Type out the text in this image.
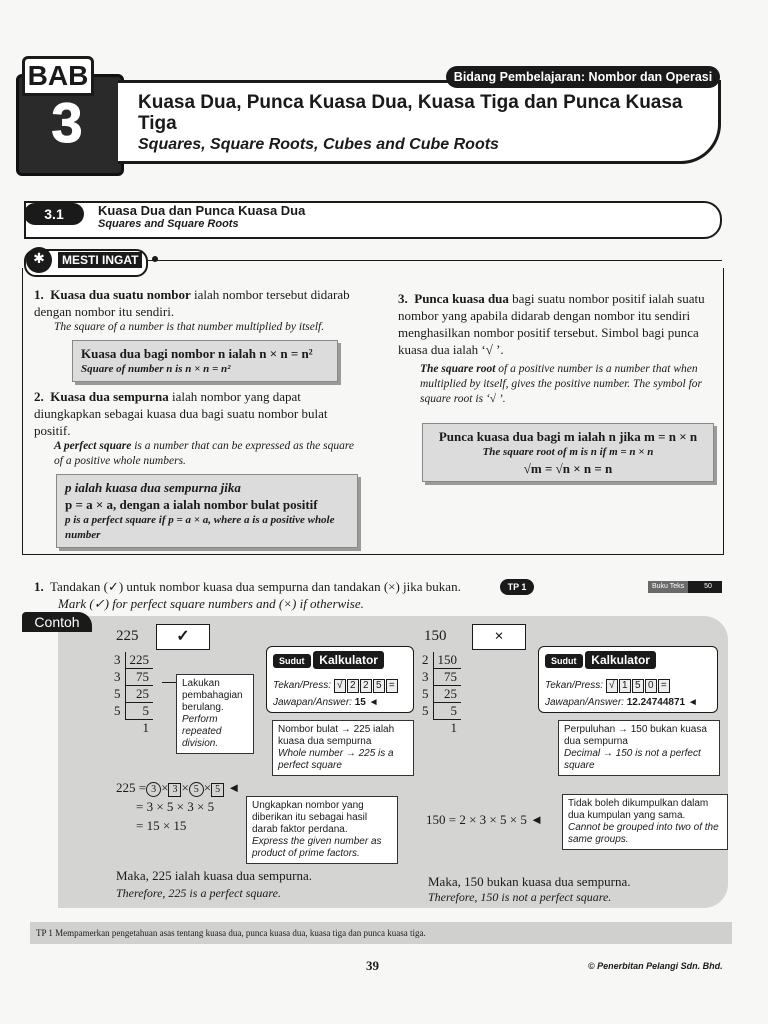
BAB
3
Bidang Pembelajaran: Nombor dan Operasi
Kuasa Dua, Punca Kuasa Dua, Kuasa Tiga dan Punca Kuasa Tiga
Squares, Square Roots, Cubes and Cube Roots
3.1	Kuasa Dua dan Punca Kuasa Dua
Squares and Square Roots
✱	MESTI INGAT
1. Kuasa dua suatu nombor ialah nombor tersebut didarab dengan nombor itu sendiri.
The square of a number is that number multiplied by itself.
Kuasa dua bagi nombor n ialah n × n = n²
Square of number n is n × n = n²
2. Kuasa dua sempurna ialah nombor yang dapat diungkapkan sebagai kuasa dua bagi suatu nombor bulat positif.
A perfect square is a number that can be expressed as the square of a positive whole numbers.
p ialah kuasa dua sempurna jika
p = a × a, dengan a ialah nombor bulat positif
p is a perfect square if p = a × a, where a is a positive whole number
3. Punca kuasa dua bagi suatu nombor positif ialah suatu nombor yang apabila didarab dengan nombor itu sendiri menghasilkan nombor positif tersebut. Simbol bagi punca kuasa dua ialah ‘√ ’.
The square root of a positive number is a number that when multiplied by itself, gives the positive number. The symbol for square root is ‘√ ’.
Punca kuasa dua bagi m ialah n jika m = n × n
The square root of m is n if m = n × n
√m = √n × n = n
1. Tandakan (✓) untuk nombor kuasa dua sempurna dan tandakan (×) jika bukan.
Mark (✓) for perfect square numbers and (×) if otherwise.
TP 1	Buku Teks	50
Contoh
225	✓
3	225
3	75
5	25
5	5
	1
Lakukan pembahagian berulang.
Perform repeated division.
Sudut Kalkulator
Tekan/Press: √ 2 2 5 =
Jawapan/Answer: 15 ◄
Nombor bulat → 225 ialah kuasa dua sempurna
Whole number → 225 is a perfect square
225 = 3 × 3 × 5 × 5 ◄
= 3 × 5 × 3 × 5
= 15 × 15
Ungkapkan nombor yang diberikan itu sebagai hasil darab faktor perdana.
Express the given number as product of prime factors.
Maka, 225 ialah kuasa dua sempurna.
Therefore, 225 is a perfect square.
150	×
2	150
3	75
5	25
5	5
	1
Sudut Kalkulator
Tekan/Press: √ 1 5 0 =
Jawapan/Answer: 12.24744871 ◄
Perpuluhan → 150 bukan kuasa dua sempurna
Decimal → 150 is not a perfect square
150 = 2 × 3 × 5 × 5 ◄
Tidak boleh dikumpulkan dalam dua kumpulan yang sama.
Cannot be grouped into two of the same groups.
Maka, 150 bukan kuasa dua sempurna.
Therefore, 150 is not a perfect square.
TP 1 Mempamerkan pengetahuan asas tentang kuasa dua, punca kuasa dua, kuasa tiga dan punca kuasa tiga.
39	© Penerbitan Pelangi Sdn. Bhd.
